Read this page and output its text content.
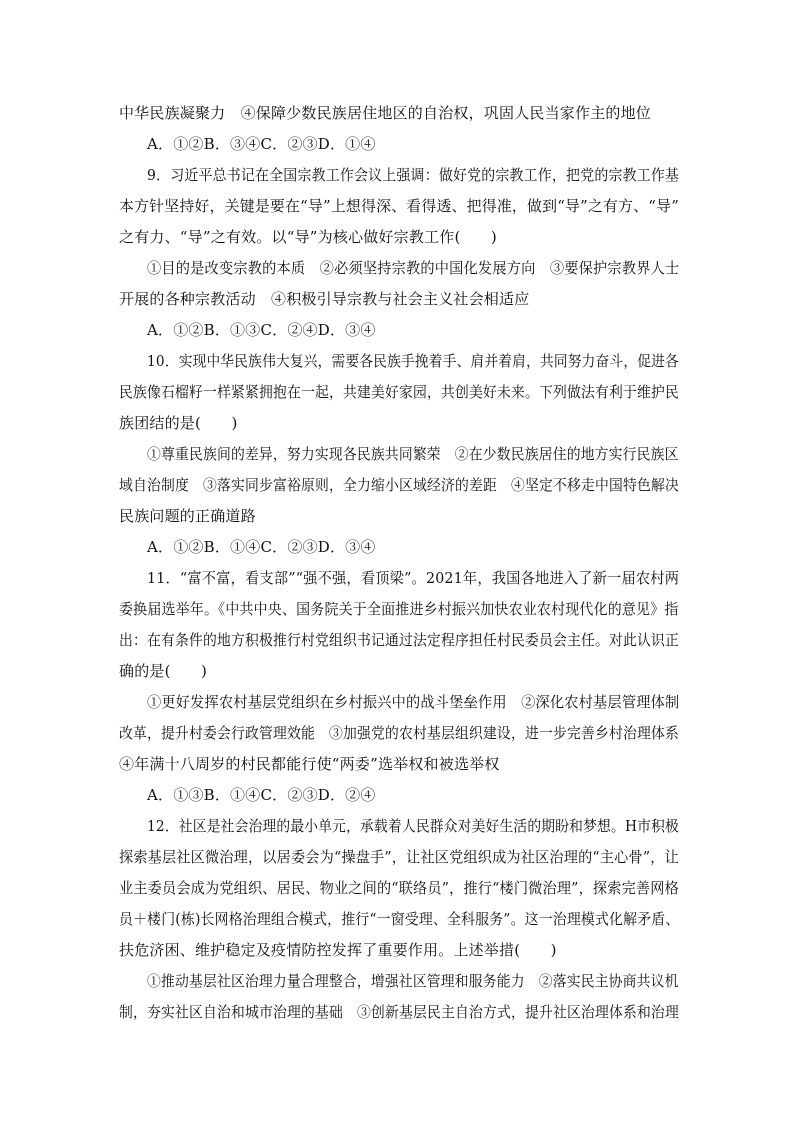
中华民族凝聚力　④保障少数民族居住地区的自治权，巩固人民当家作主的地位
A．①②B．③④C．②③D．①④
9．习近平总书记在全国宗教工作会议上强调：做好党的宗教工作，把党的宗教工作基
本方针坚持好，关键是要在“导”上想得深、看得透、把得准，做到“导”之有方、“导”
之有力、“导”之有效。以“导”为核心做好宗教工作(　　)
①目的是改变宗教的本质　②必须坚持宗教的中国化发展方向　③要保护宗教界人士
开展的各种宗教活动　④积极引导宗教与社会主义社会相适应
A．①②B．①③C．②④D．③④
10．实现中华民族伟大复兴，需要各民族手挽着手、肩并着肩，共同努力奋斗，促进各
民族像石榴籽一样紧紧拥抱在一起，共建美好家园，共创美好未来。下列做法有利于维护民
族团结的是(　　)
①尊重民族间的差异，努力实现各民族共同繁荣　②在少数民族居住的地方实行民族区
域自治制度　③落实同步富裕原则，全力缩小区域经济的差距　④坚定不移走中国特色解决
民族问题的正确道路
A．①②B．①④C．②③D．③④
11．“富不富，看支部”“强不强，看顶梁”。2021年，我国各地进入了新一届农村两
委换届选举年。《中共中央、国务院关于全面推进乡村振兴加快农业农村现代化的意见》指
出：在有条件的地方积极推行村党组织书记通过法定程序担任村民委员会主任。对此认识正
确的是(　　)
①更好发挥农村基层党组织在乡村振兴中的战斗堡垒作用　②深化农村基层管理体制
改革，提升村委会行政管理效能　③加强党的农村基层组织建设，进一步完善乡村治理体系
④年满十八周岁的村民都能行使“两委”选举权和被选举权
A．①③B．①④C．②③D．②④
12．社区是社会治理的最小单元，承载着人民群众对美好生活的期盼和梦想。H市积极
探索基层社区微治理，以居委会为“操盘手”，让社区党组织成为社区治理的“主心骨”，让
业主委员会成为党组织、居民、物业之间的“联络员”，推行“楼门微治理”，探索完善网格
员＋楼门(栋)长网格治理组合模式，推行“一窗受理、全科服务”。这一治理模式化解矛盾、
扶危济困、维护稳定及疫情防控发挥了重要作用。上述举措(　　)
①推动基层社区治理力量合理整合，增强社区管理和服务能力　②落实民主协商共议机
制，夯实社区自治和城市治理的基础　③创新基层民主自治方式，提升社区治理体系和治理
